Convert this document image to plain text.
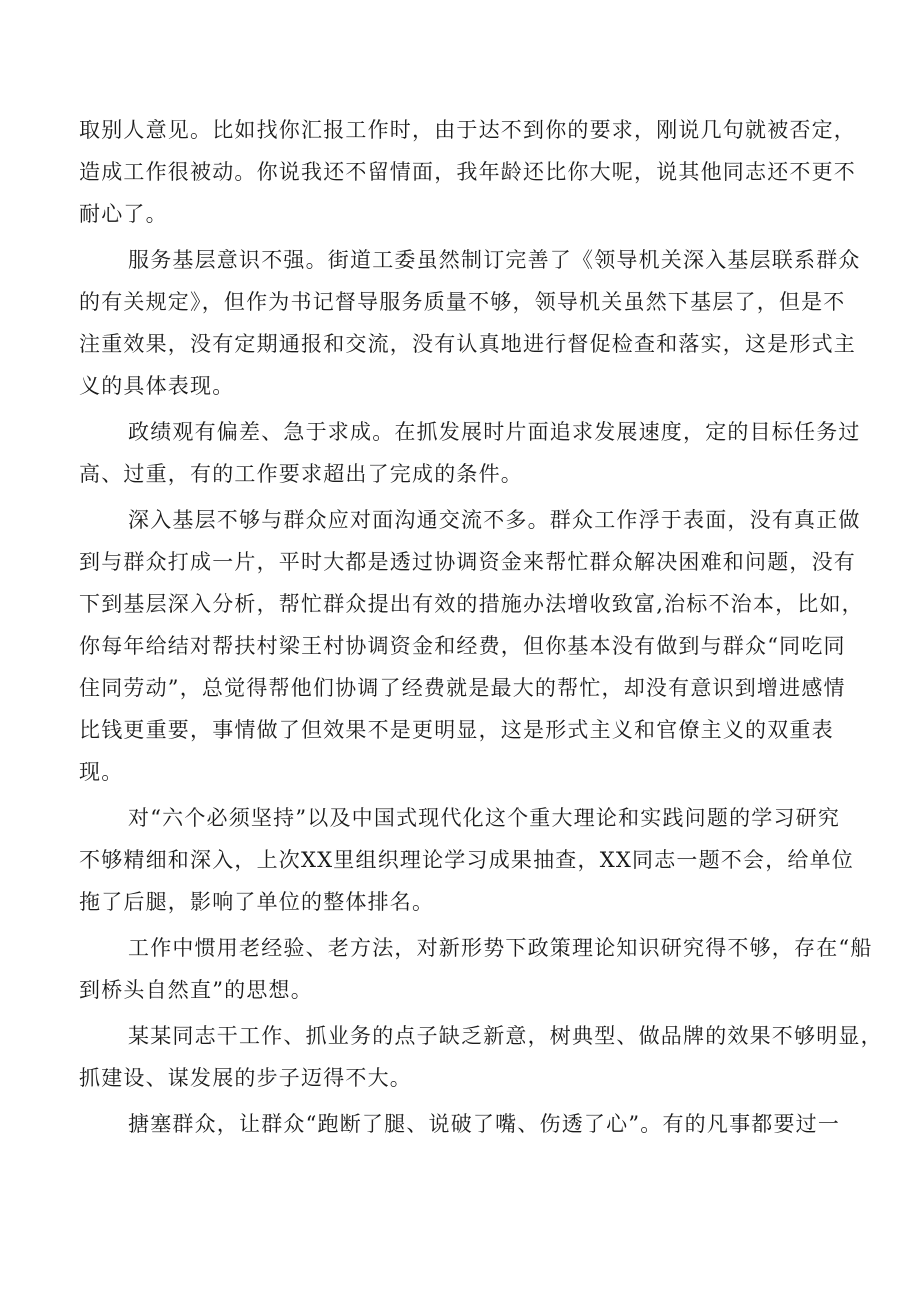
取别人意见。比如找你汇报工作时，由于达不到你的要求，刚说几句就被否定，
造成工作很被动。你说我还不留情面，我年龄还比你大呢，说其他同志还不更不
耐心了。
服务基层意识不强。街道工委虽然制订完善了《领导机关深入基层联系群众
的有关规定》，但作为书记督导服务质量不够，领导机关虽然下基层了，但是不
注重效果，没有定期通报和交流，没有认真地进行督促检查和落实，这是形式主
义的具体表现。
政绩观有偏差、急于求成。在抓发展时片面追求发展速度，定的目标任务过
高、过重，有的工作要求超出了完成的条件。
深入基层不够与群众应对面沟通交流不多。群众工作浮于表面，没有真正做
到与群众打成一片，平时大都是透过协调资金来帮忙群众解决困难和问题，没有
下到基层深入分析，帮忙群众提出有效的措施办法增收致富,治标不治本，比如，
你每年给结对帮扶村梁王村协调资金和经费，但你基本没有做到与群众“同吃同
住同劳动”，总觉得帮他们协调了经费就是最大的帮忙，却没有意识到增进感情
比钱更重要，事情做了但效果不是更明显，这是形式主义和官僚主义的双重表
现。
对“六个必须坚持”以及中国式现代化这个重大理论和实践问题的学习研究
不够精细和深入，上次XX里组织理论学习成果抽查，XX同志一题不会，给单位
拖了后腿，影响了单位的整体排名。
工作中惯用老经验、老方法，对新形势下政策理论知识研究得不够，存在“船
到桥头自然直”的思想。
某某同志干工作、抓业务的点子缺乏新意，树典型、做品牌的效果不够明显，
抓建设、谋发展的步子迈得不大。
搪塞群众，让群众“跑断了腿、说破了嘴、伤透了心”。有的凡事都要过一
